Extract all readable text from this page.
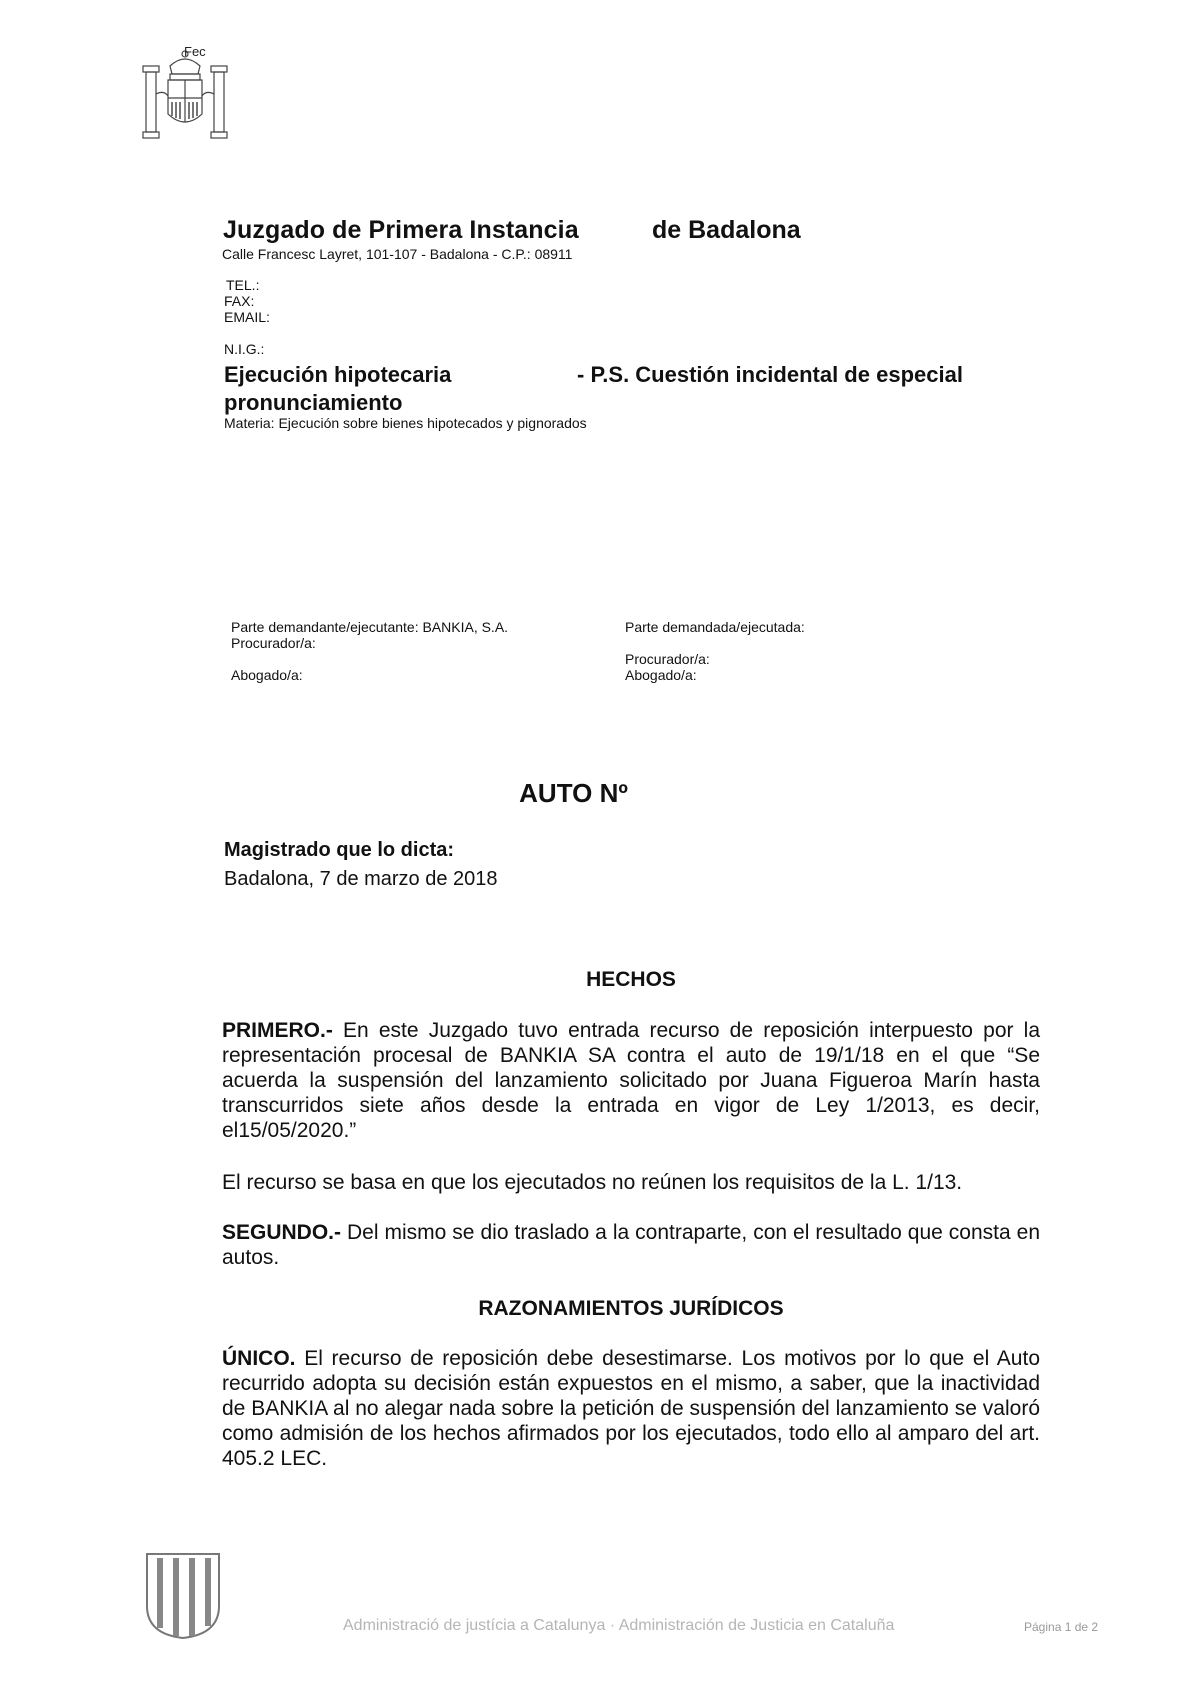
Fec
Juzgado de Primera Instancia	de Badalona
Calle Francesc Layret, 101-107 - Badalona - C.P.: 08911
TEL.:
FAX:
EMAIL:
N.I.G.:
Ejecución hipotecaria	- P.S. Cuestión incidental de especial
pronunciamiento
Materia: Ejecución sobre bienes hipotecados y pignorados
Parte demandante/ejecutante: BANKIA, S.A.
Procurador/a:
Abogado/a:
Parte demandada/ejecutada:
Procurador/a:
Abogado/a:
AUTO Nº
Magistrado que lo dicta:
Badalona, 7 de marzo de 2018
HECHOS
PRIMERO.- En este Juzgado tuvo entrada recurso de reposición interpuesto por la representación procesal de BANKIA SA contra el auto de 19/1/18 en el que “Se acuerda la suspensión del lanzamiento solicitado por Juana Figueroa Marín hasta transcurridos siete años desde la entrada en vigor de Ley 1/2013, es decir, el15/05/2020.”
El recurso se basa en que los ejecutados no reúnen los requisitos de la L. 1/13.
SEGUNDO.- Del mismo se dio traslado a la contraparte, con el resultado que consta en autos.
RAZONAMIENTOS JURÍDICOS
ÚNICO. El recurso de reposición debe desestimarse. Los motivos por lo que el Auto recurrido adopta su decisión están expuestos en el mismo, a saber, que la inactividad de BANKIA al no alegar nada sobre la petición de suspensión del lanzamiento se valoró como admisión de los hechos afirmados por los ejecutados, todo ello al amparo del art. 405.2 LEC.
Administració de justícia a Catalunya · Administración de Justicia en Cataluña	Página 1 de 2
